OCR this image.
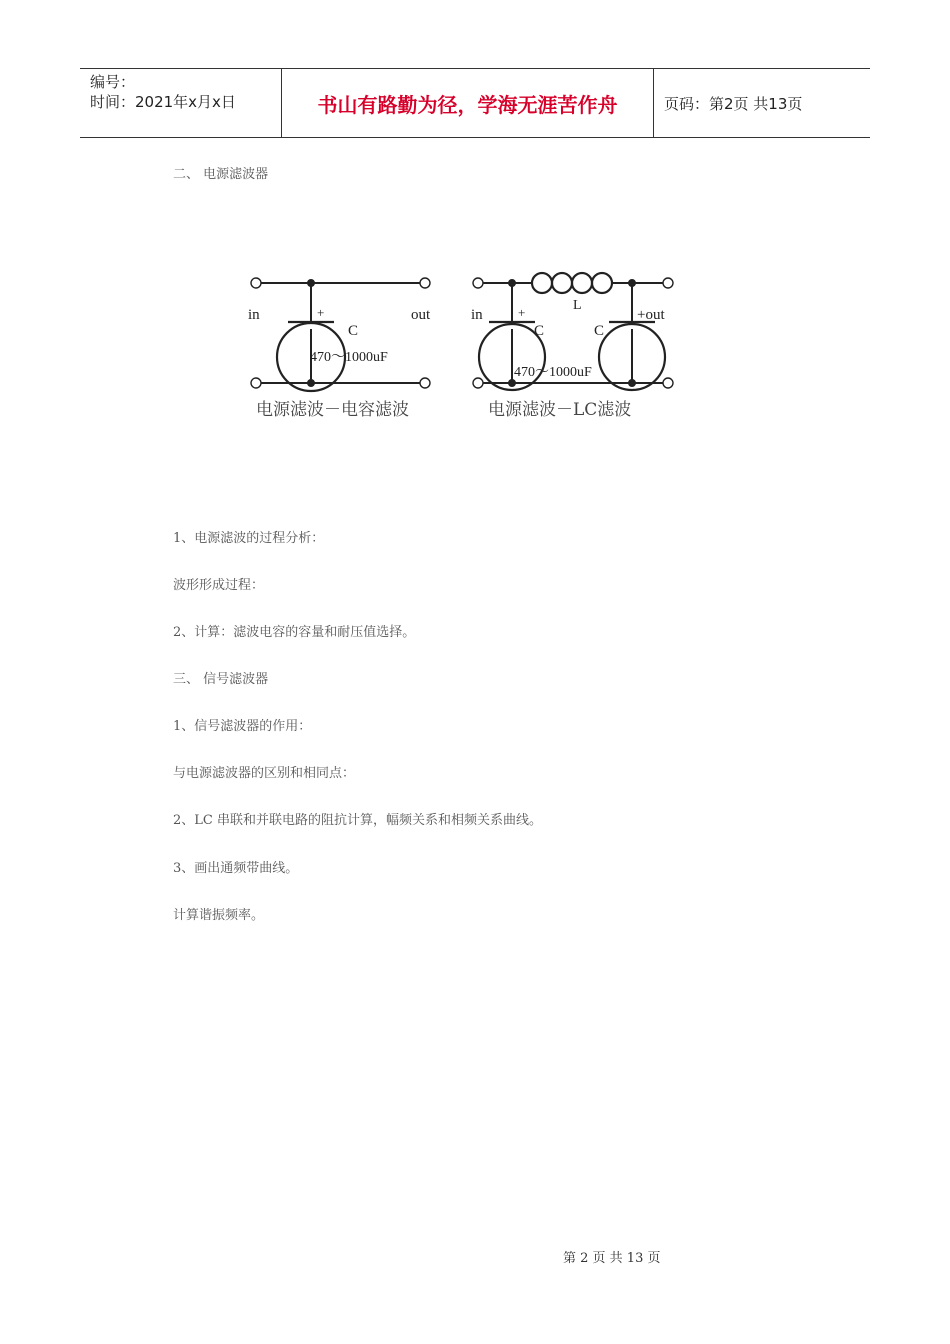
编号：
时间：2021年x月x日	书山有路勤为径，学海无涯苦作舟	页码：第2页 共13页
二、 电源滤波器
in	out
+
C
470～1000uF
电源滤波－电容滤波
in	+out
+
C	C
L
470～1000uF
电源滤波－LC滤波
1、电源滤波的过程分析：
波形形成过程：
2、计算：滤波电容的容量和耐压值选择。
三、 信号滤波器
1、信号滤波器的作用：
与电源滤波器的区别和相同点：
2、LC 串联和并联电路的阻抗计算，幅频关系和相频关系曲线。
3、画出通频带曲线。
计算谐振频率。
第 2 页 共 13 页
